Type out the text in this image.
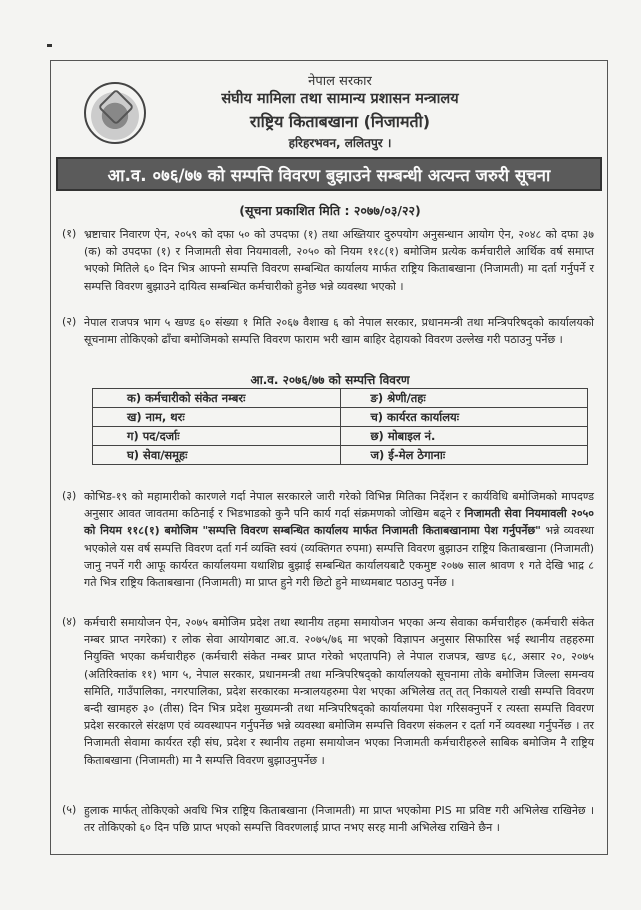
नेपाल सरकार
संघीय मामिला तथा सामान्य प्रशासन मन्त्रालय
राष्ट्रिय किताबखाना (निजामती)
हरिहरभवन, ललितपुर ।
आ.व. ०७६/७७ को सम्पत्ति विवरण बुझाउने सम्बन्धी अत्यन्त जरुरी सूचना
(सूचना प्रकाशित मिति : २०७७/०३/२२)
(१) भ्रष्टाचार निवारण ऐन, २०५९ को दफा ५० को उपदफा (१) तथा अख्तियार दुरुपयोग अनुसन्धान आयोग ऐन, २०४८ को दफा ३७ (क) को उपदफा (१) र निजामती सेवा नियमावली, २०५० को नियम ११८(१) बमोजिम प्रत्येक कर्मचारीले आर्थिक वर्ष समाप्त भएको मितिले ६० दिन भित्र आफ्नो सम्पत्ति विवरण सम्बन्धित कार्यालय मार्फत राष्ट्रिय किताबखाना (निजामती) मा दर्ता गर्नुपर्ने र सम्पत्ति विवरण बुझाउने दायित्व सम्बन्धित कर्मचारीको हुनेछ भन्ने व्यवस्था भएको ।
(२) नेपाल राजपत्र भाग ५ खण्ड ६० संख्या १ मिति २०६७ वैशाख ६ को नेपाल सरकार, प्रधानमन्त्री तथा मन्त्रिपरिषद्को कार्यालयको सूचनामा तोकिएको ढाँचा बमोजिमको सम्पत्ति विवरण फाराम भरी खाम बाहिर देहायको विवरण उल्लेख गरी पठाउनु पर्नेछ ।
आ.व. २०७६/७७ को सम्पत्ति विवरण
क) कर्मचारीको संकेत नम्बरः	ङ) श्रेणी/तहः
ख) नाम, थरः	च) कार्यरत कार्यालयः
ग) पद/दर्जाः	छ) मोबाइल नं.
घ) सेवा/समूहः	ज) ई-मेल ठेगानाः
(३) कोभिड-१९ को महामारीको कारणले गर्दा नेपाल सरकारले जारी गरेको विभिन्न मितिका निर्देशन र कार्यविधि बमोजिमको मापदण्ड अनुसार आवत जावतमा कठिनाई र भिडभाडको कुनै पनि कार्य गर्दा संक्रमणको जोखिम बढ्ने र निजामती सेवा नियमावली २०५० को नियम ११८(१) बमोजिम "सम्पत्ति विवरण सम्बन्धित कार्यालय मार्फत निजामती किताबखानामा पेश गर्नुपर्नेछ" भन्ने व्यवस्था भएकोले यस वर्ष सम्पत्ति विवरण दर्ता गर्न व्यक्ति स्वयं (व्यक्तिगत रुपमा) सम्पत्ति विवरण बुझाउन राष्ट्रिय किताबखाना (निजामती) जानु नपर्ने गरी आफू कार्यरत कार्यालयमा यथाशिघ्र बुझाई सम्बन्धित कार्यालयबाटै एकमुष्ट २०७७ साल श्रावण १ गते देखि भाद्र ८ गते भित्र राष्ट्रिय किताबखाना (निजामती) मा प्राप्त हुने गरी छिटो हुने माध्यमबाट पठाउनु पर्नेछ ।
(४) कर्मचारी समायोजन ऐन, २०७५ बमोजिम प्रदेश तथा स्थानीय तहमा समायोजन भएका अन्य सेवाका कर्मचारीहरु (कर्मचारी संकेत नम्बर प्राप्त नगरेका) र लोक सेवा आयोगबाट आ.व. २०७५/७६ मा भएको विज्ञापन अनुसार सिफारिस भई स्थानीय तहहरुमा नियुक्ति भएका कर्मचारीहरु (कर्मचारी संकेत नम्बर प्राप्त गरेको भएतापनि) ले नेपाल राजपत्र, खण्ड ६८, असार २०, २०७५ (अतिरिक्तांक ११) भाग ५, नेपाल सरकार, प्रधानमन्त्री तथा मन्त्रिपरिषद्को कार्यालयको सूचनामा तोके बमोजिम जिल्ला समन्वय समिति, गाउँपालिका, नगरपालिका, प्रदेश सरकारका मन्त्रालयहरुमा पेश भएका अभिलेख तत् तत् निकायले राखी सम्पत्ति विवरण बन्दी खामहरु ३० (तीस) दिन भित्र प्रदेश मुख्यमन्त्री तथा मन्त्रिपरिषद्को कार्यालयमा पेश गरिसक्नुपर्ने र त्यस्ता सम्पत्ति विवरण प्रदेश सरकारले संरक्षण एवं व्यवस्थापन गर्नुपर्नेछ भन्ने व्यवस्था बमोजिम सम्पत्ति विवरण संकलन र दर्ता गर्ने व्यवस्था गर्नुपर्नेछ । तर निजामती सेवामा कार्यरत रही संघ, प्रदेश र स्थानीय तहमा समायोजन भएका निजामती कर्मचारीहरुले साबिक बमोजिम नै राष्ट्रिय किताबखाना (निजामती) मा नै सम्पत्ति विवरण बुझाउनुपर्नेछ ।
(५) हुलाक मार्फत् तोकिएको अवधि भित्र राष्ट्रिय किताबखाना (निजामती) मा प्राप्त भएकोमा PIS मा प्रविष्ट गरी अभिलेख राखिनेछ । तर तोकिएको ६० दिन पछि प्राप्त भएको सम्पत्ति विवरणलाई प्राप्त नभए सरह मानी अभिलेख राखिने छैन ।
